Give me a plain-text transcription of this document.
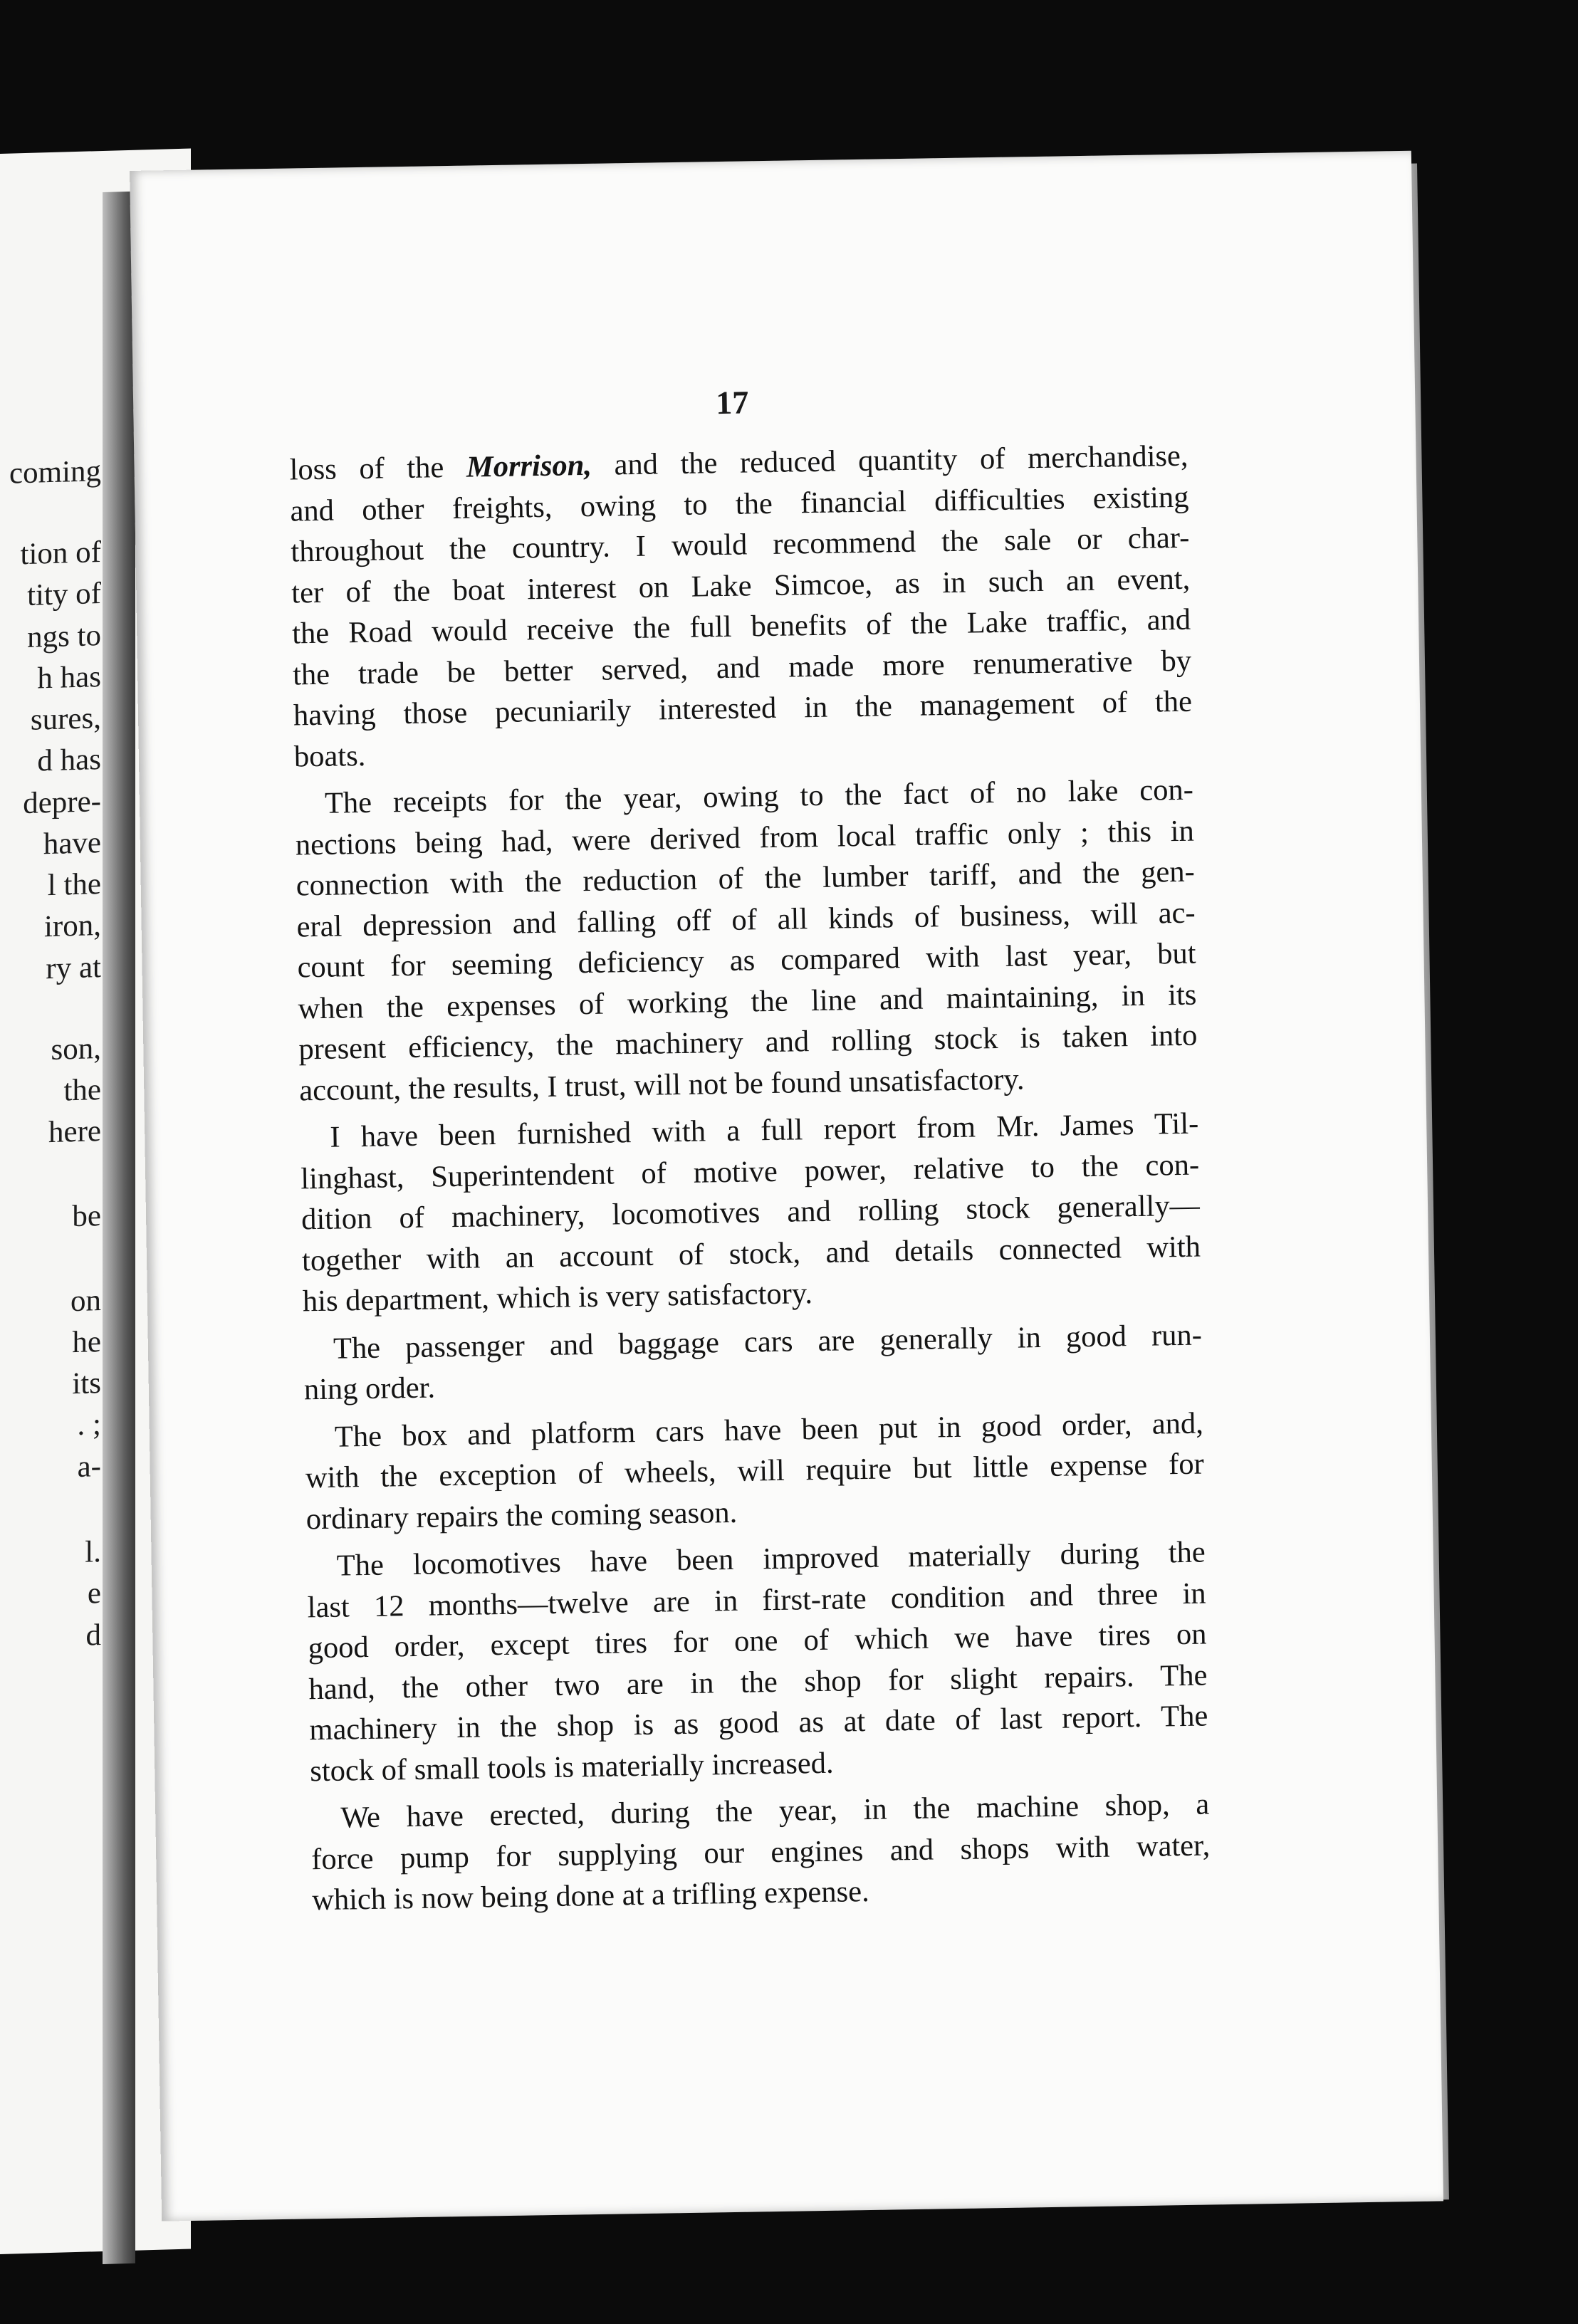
coming
tion of
tity of
ngs to
h has
sures,
d has
depre-
have
l the
iron,
ry at
son,
the
here
be
on
he
its
. ;
a-
l.
e
d
17
loss of the Morrison, and the reduced quantity of merchandise,
and other freights, owing to the financial difficulties existing
throughout the country. I would recommend the sale or char-
ter of the boat interest on Lake Simcoe, as in such an event,
the Road would receive the full benefits of the Lake traffic, and
the trade be better served, and made more renumerative by
having those pecuniarily interested in the management of the
boats.
The receipts for the year, owing to the fact of no lake con-
nections being had, were derived from local traffic only ; this in
connection with the reduction of the lumber tariff, and the gen-
eral depression and falling off of all kinds of business, will ac-
count for seeming deficiency as compared with last year, but
when the expenses of working the line and maintaining, in its
present efficiency, the machinery and rolling stock is taken into
account, the results, I trust, will not be found unsatisfactory.
I have been furnished with a full report from Mr. James Til-
linghast, Superintendent of motive power, relative to the con-
dition of machinery, locomotives and rolling stock generally—
together with an account of stock, and details connected with
his department, which is very satisfactory.
The passenger and baggage cars are generally in good run-
ning order.
The box and platform cars have been put in good order, and,
with the exception of wheels, will require but little expense for
ordinary repairs the coming season.
The locomotives have been improved materially during the
last 12 months—twelve are in first-rate condition and three in
good order, except tires for one of which we have tires on
hand, the other two are in the shop for slight repairs. The
machinery in the shop is as good as at date of last report. The
stock of small tools is materially increased.
We have erected, during the year, in the machine shop, a
force pump for supplying our engines and shops with water,
which is now being done at a trifling expense.
